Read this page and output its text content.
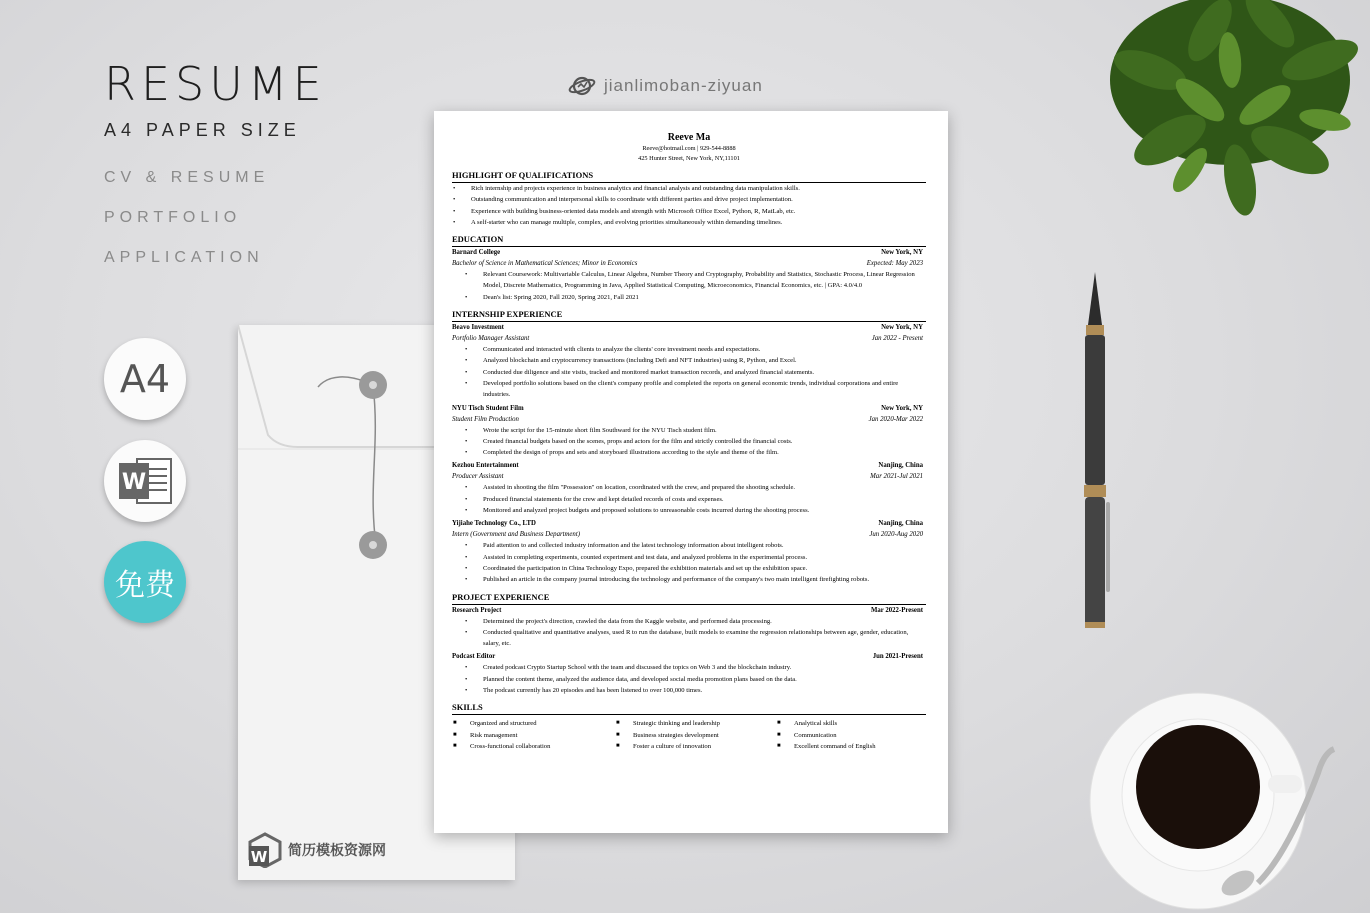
RESUME
A4 PAPER SIZE
CV & RESUME
PORTFOLIO
APPLICATION
A4
W
免费
W 简历模板资源网
jianlimoban-ziyuan
Reeve Ma
Reeve@hotmail.com | 929-544-8888
425 Hunter Street, New York, NY,11101
HIGHLIGHT OF QUALIFICATIONS
• Rich internship and projects experience in business analytics and financial analysis and outstanding data manipulation skills.
• Outstanding communication and interpersonal skills to coordinate with different parties and drive project implementation.
• Experience with building business-oriented data models and strength with Microsoft Office Excel, Python, R, MatLab, etc.
• A self-starter who can manage multiple, complex, and evolving priorities simultaneously within demanding timelines.
EDUCATION
Barnard College	New York, NY
Bachelor of Science in Mathematical Sciences; Minor in Economics	Expected: May 2023
• Relevant Coursework: Multivariable Calculus, Linear Algebra, Number Theory and Cryptography, Probability and Statistics, Stochastic Process, Linear Regression Model, Discrete Mathematics, Programming in Java, Applied Statistical Computing, Microeconomics, Financial Economics, etc. | GPA: 4.0/4.0
• Dean's list: Spring 2020, Fall 2020, Spring 2021, Fall 2021
INTERNSHIP EXPERIENCE
Beavo Investment	New York, NY
Portfolio Manager Assistant	Jan 2022 - Present
• Communicated and interacted with clients to analyze the clients' core investment needs and expectations.
• Analyzed blockchain and cryptocurrency transactions (including Defi and NFT industries) using R, Python, and Excel.
• Conducted due diligence and site visits, tracked and monitored market transaction records, and analyzed financial statements.
• Developed portfolio solutions based on the client's company profile and completed the reports on general economic trends, individual corporations and entire industries.
NYU Tisch Student Film	New York, NY
Student Film Production	Jan 2020-Mar 2022
• Wrote the script for the 15-minute short film Southward for the NYU Tisch student film.
• Created financial budgets based on the scenes, props and actors for the film and strictly controlled the financial costs.
• Completed the design of props and sets and storyboard illustrations according to the style and theme of the film.
Kezhou Entertainment	Nanjing, China
Producer Assistant	Mar 2021-Jul 2021
• Assisted in shooting the film "Possession" on location, coordinated with the crew, and prepared the shooting schedule.
• Produced financial statements for the crew and kept detailed records of costs and expenses.
• Monitored and analyzed project budgets and proposed solutions to unreasonable costs incurred during the shooting process.
Yijiahe Technology Co., LTD	Nanjing, China
Intern (Government and Business Department)	Jun 2020-Aug 2020
• Paid attention to and collected industry information and the latest technology information about intelligent robots.
• Assisted in completing experiments, counted experiment and test data, and analyzed problems in the experimental process.
• Coordinated the participation in China Technology Expo, prepared the exhibition materials and set up the exhibition space.
• Published an article in the company journal introducing the technology and performance of the company's two main intelligent firefighting robots.
PROJECT EXPERIENCE
Research Project	Mar 2022-Present
• Determined the project's direction, crawled the data from the Kaggle website, and performed data processing.
• Conducted qualitative and quantitative analyses, used R to run the database, built models to examine the regression relationships between age, gender, education, salary, etc.
Podcast Editor	Jun 2021-Present
• Created podcast Crypto Startup School with the team and discussed the topics on Web 3 and the blockchain industry.
• Planned the content theme, analyzed the audience data, and developed social media promotion plans based on the data.
• The podcast currently has 20 episodes and has been listened to over 100,000 times.
SKILLS
■ Organized and structured	■ Strategic thinking and leadership	■ Analytical skills
■ Risk management	■ Business strategies development	■ Communication
■ Cross-functional collaboration	■ Foster a culture of innovation	■ Excellent command of English
